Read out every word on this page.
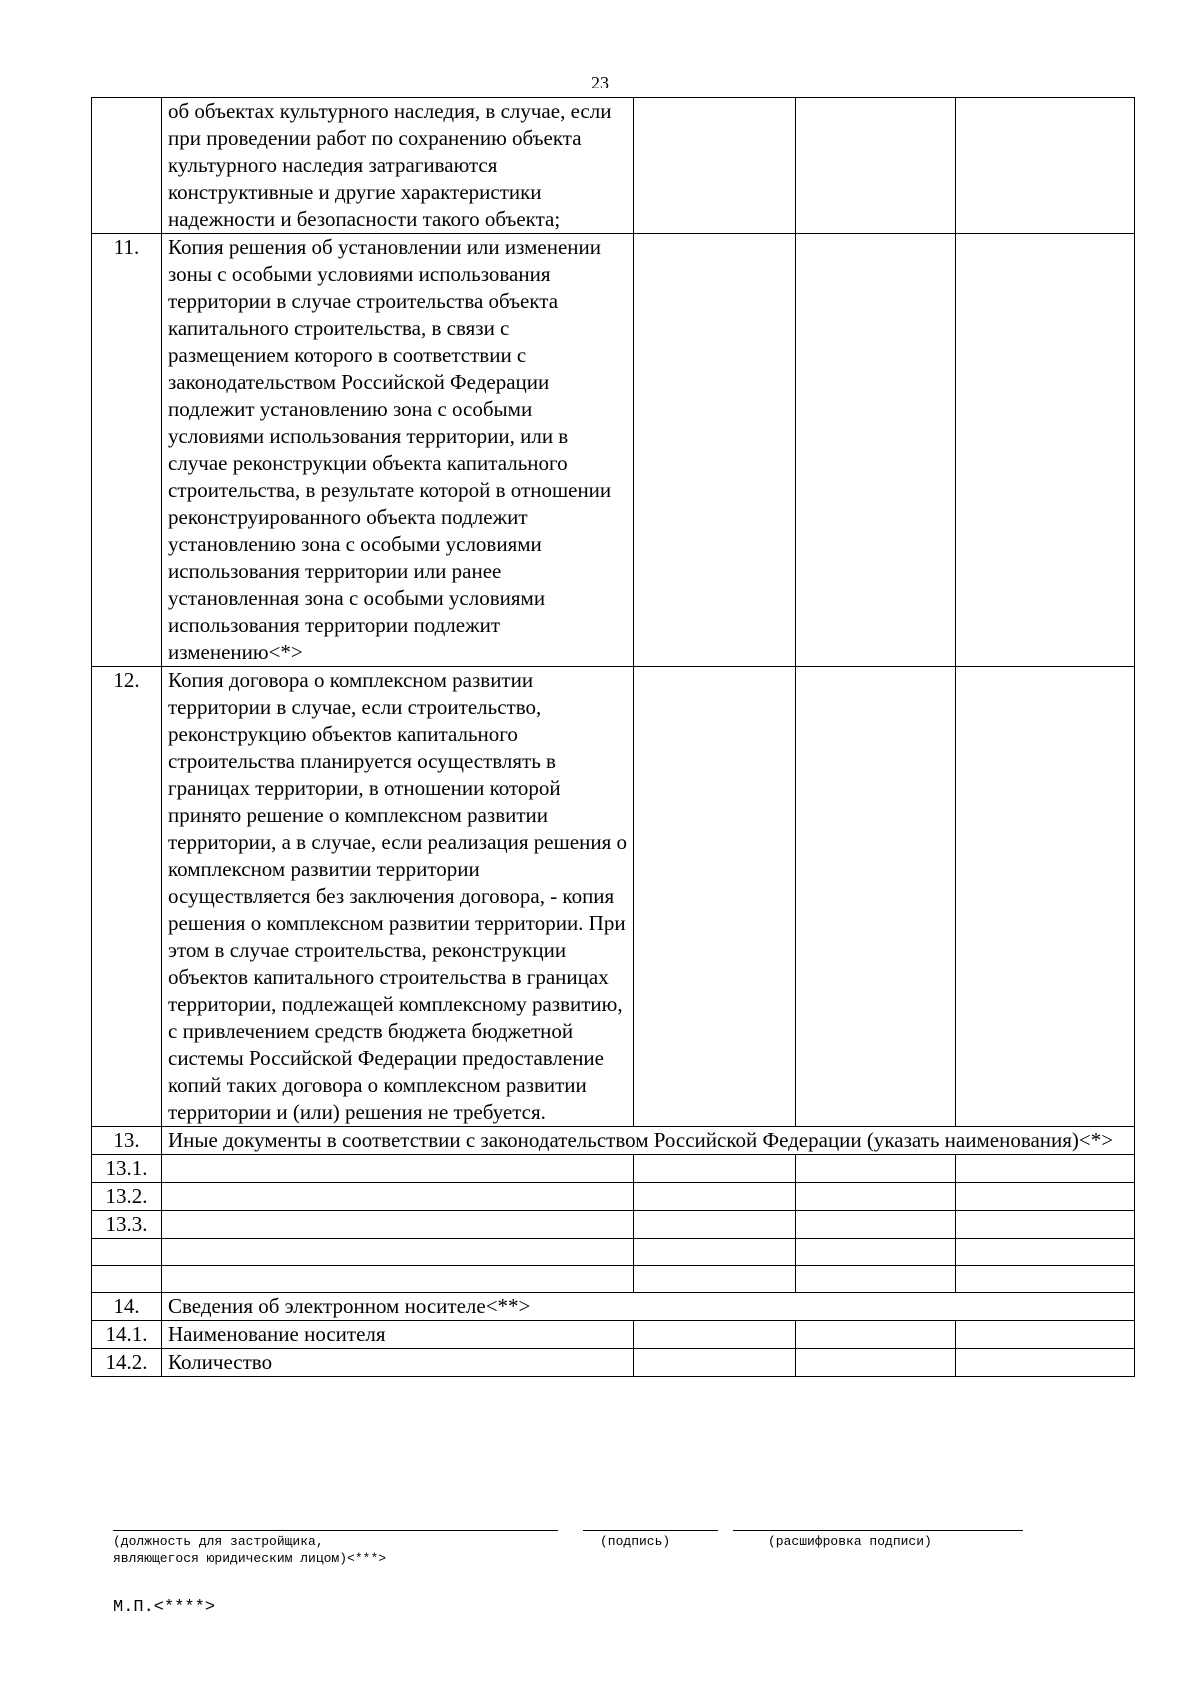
23
	об объектах культурного наследия, в случае, если при проведении работ по сохранению объекта культурного наследия затрагиваются конструктивные и другие характеристики надежности и безопасности такого объекта;			
11.	Копия решения об установлении или изменении зоны с особыми условиями использования территории в случае строительства объекта капитального строительства, в связи с размещением которого в соответствии с законодательством Российской Федерации подлежит установлению зона с особыми условиями использования территории, или в случае реконструкции объекта капитального строительства, в результате которой в отношении реконструированного объекта подлежит установлению зона с особыми условиями использования территории или ранее установленная зона с особыми условиями использования территории подлежит изменению<*>			
12.	Копия договора о комплексном развитии территории в случае, если строительство, реконструкцию объектов капитального строительства планируется осуществлять в границах территории, в отношении которой принято решение о комплексном развитии территории, а в случае, если реализация решения о комплексном развитии территории осуществляется без заключения договора, - копия решения о комплексном развитии территории. При этом в случае строительства, реконструкции объектов капитального строительства в границах территории, подлежащей комплексному развитию, с привлечением средств бюджета бюджетной системы Российской Федерации предоставление копий таких договора о комплексном развитии территории и (или) решения не требуется.			
13.	Иные документы в соответствии с законодательством Российской Федерации (указать наименования)<*>			
13.1.				
13.2.				
13.3.				

14.	Сведения об электронном носителе<**>			
14.1.	Наименование носителя			
14.2.	Количество			
(должность для застройщика,
являющегося юридическим лицом)<***>
(подпись)	(расшифровка подписи)
М.П.<****>
